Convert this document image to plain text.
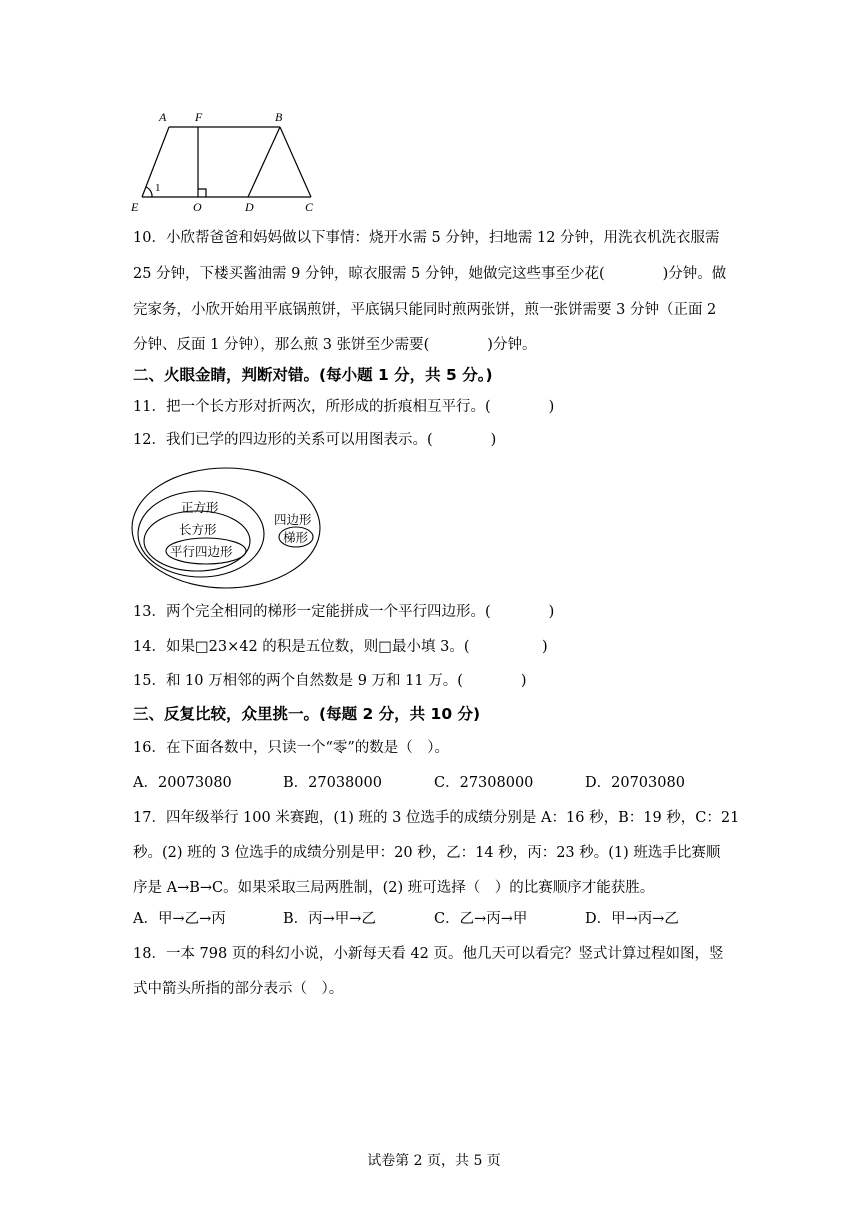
A F	B
E	O	D	C
1
10．小欣帮爸爸和妈妈做以下事情：烧开水需 5 分钟，扫地需 12 分钟，用洗衣机洗衣服需
25 分钟，下楼买酱油需 9 分钟，晾衣服需 5 分钟，她做完这些事至少花(　　　　)分钟。做
完家务，小欣开始用平底锅煎饼，平底锅只能同时煎两张饼，煎一张饼需要 3 分钟（正面 2
分钟、反面 1 分钟），那么煎 3 张饼至少需要(　　　　)分钟。
二、火眼金睛，判断对错。(每小题 1 分，共 5 分。)
11．把一个长方形对折两次，所形成的折痕相互平行。(　　　　)
12．我们已学的四边形的关系可以用图表示。(　　　　)
正方形
长方形
平行四边形
四边形
梯形
13．两个完全相同的梯形一定能拼成一个平行四边形。(　　　　)
14．如果□23×42 的积是五位数，则□最小填 3。(　　　　　)
15．和 10 万相邻的两个自然数是 9 万和 11 万。(　　　　)
三、反复比较，众里挑一。(每题 2 分，共 10 分)
16．在下面各数中，只读一个“零”的数是（　）。
A．20073080	B．27038000	C．27308000	D．20703080
17．四年级举行 100 米赛跑，(1) 班的 3 位选手的成绩分别是 A：16 秒，B：19 秒，C：21
秒。(2) 班的 3 位选手的成绩分别是甲：20 秒，乙：14 秒，丙：23 秒。(1) 班选手比赛顺
序是 A→B→C。如果采取三局两胜制，(2) 班可选择（　）的比赛顺序才能获胜。
A．甲→乙→丙	B．丙→甲→乙	C．乙→丙→甲	D．甲→丙→乙
18．一本 798 页的科幻小说，小新每天看 42 页。他几天可以看完？竖式计算过程如图，竖
式中箭头所指的部分表示（　）。
试卷第 2 页，共 5 页
